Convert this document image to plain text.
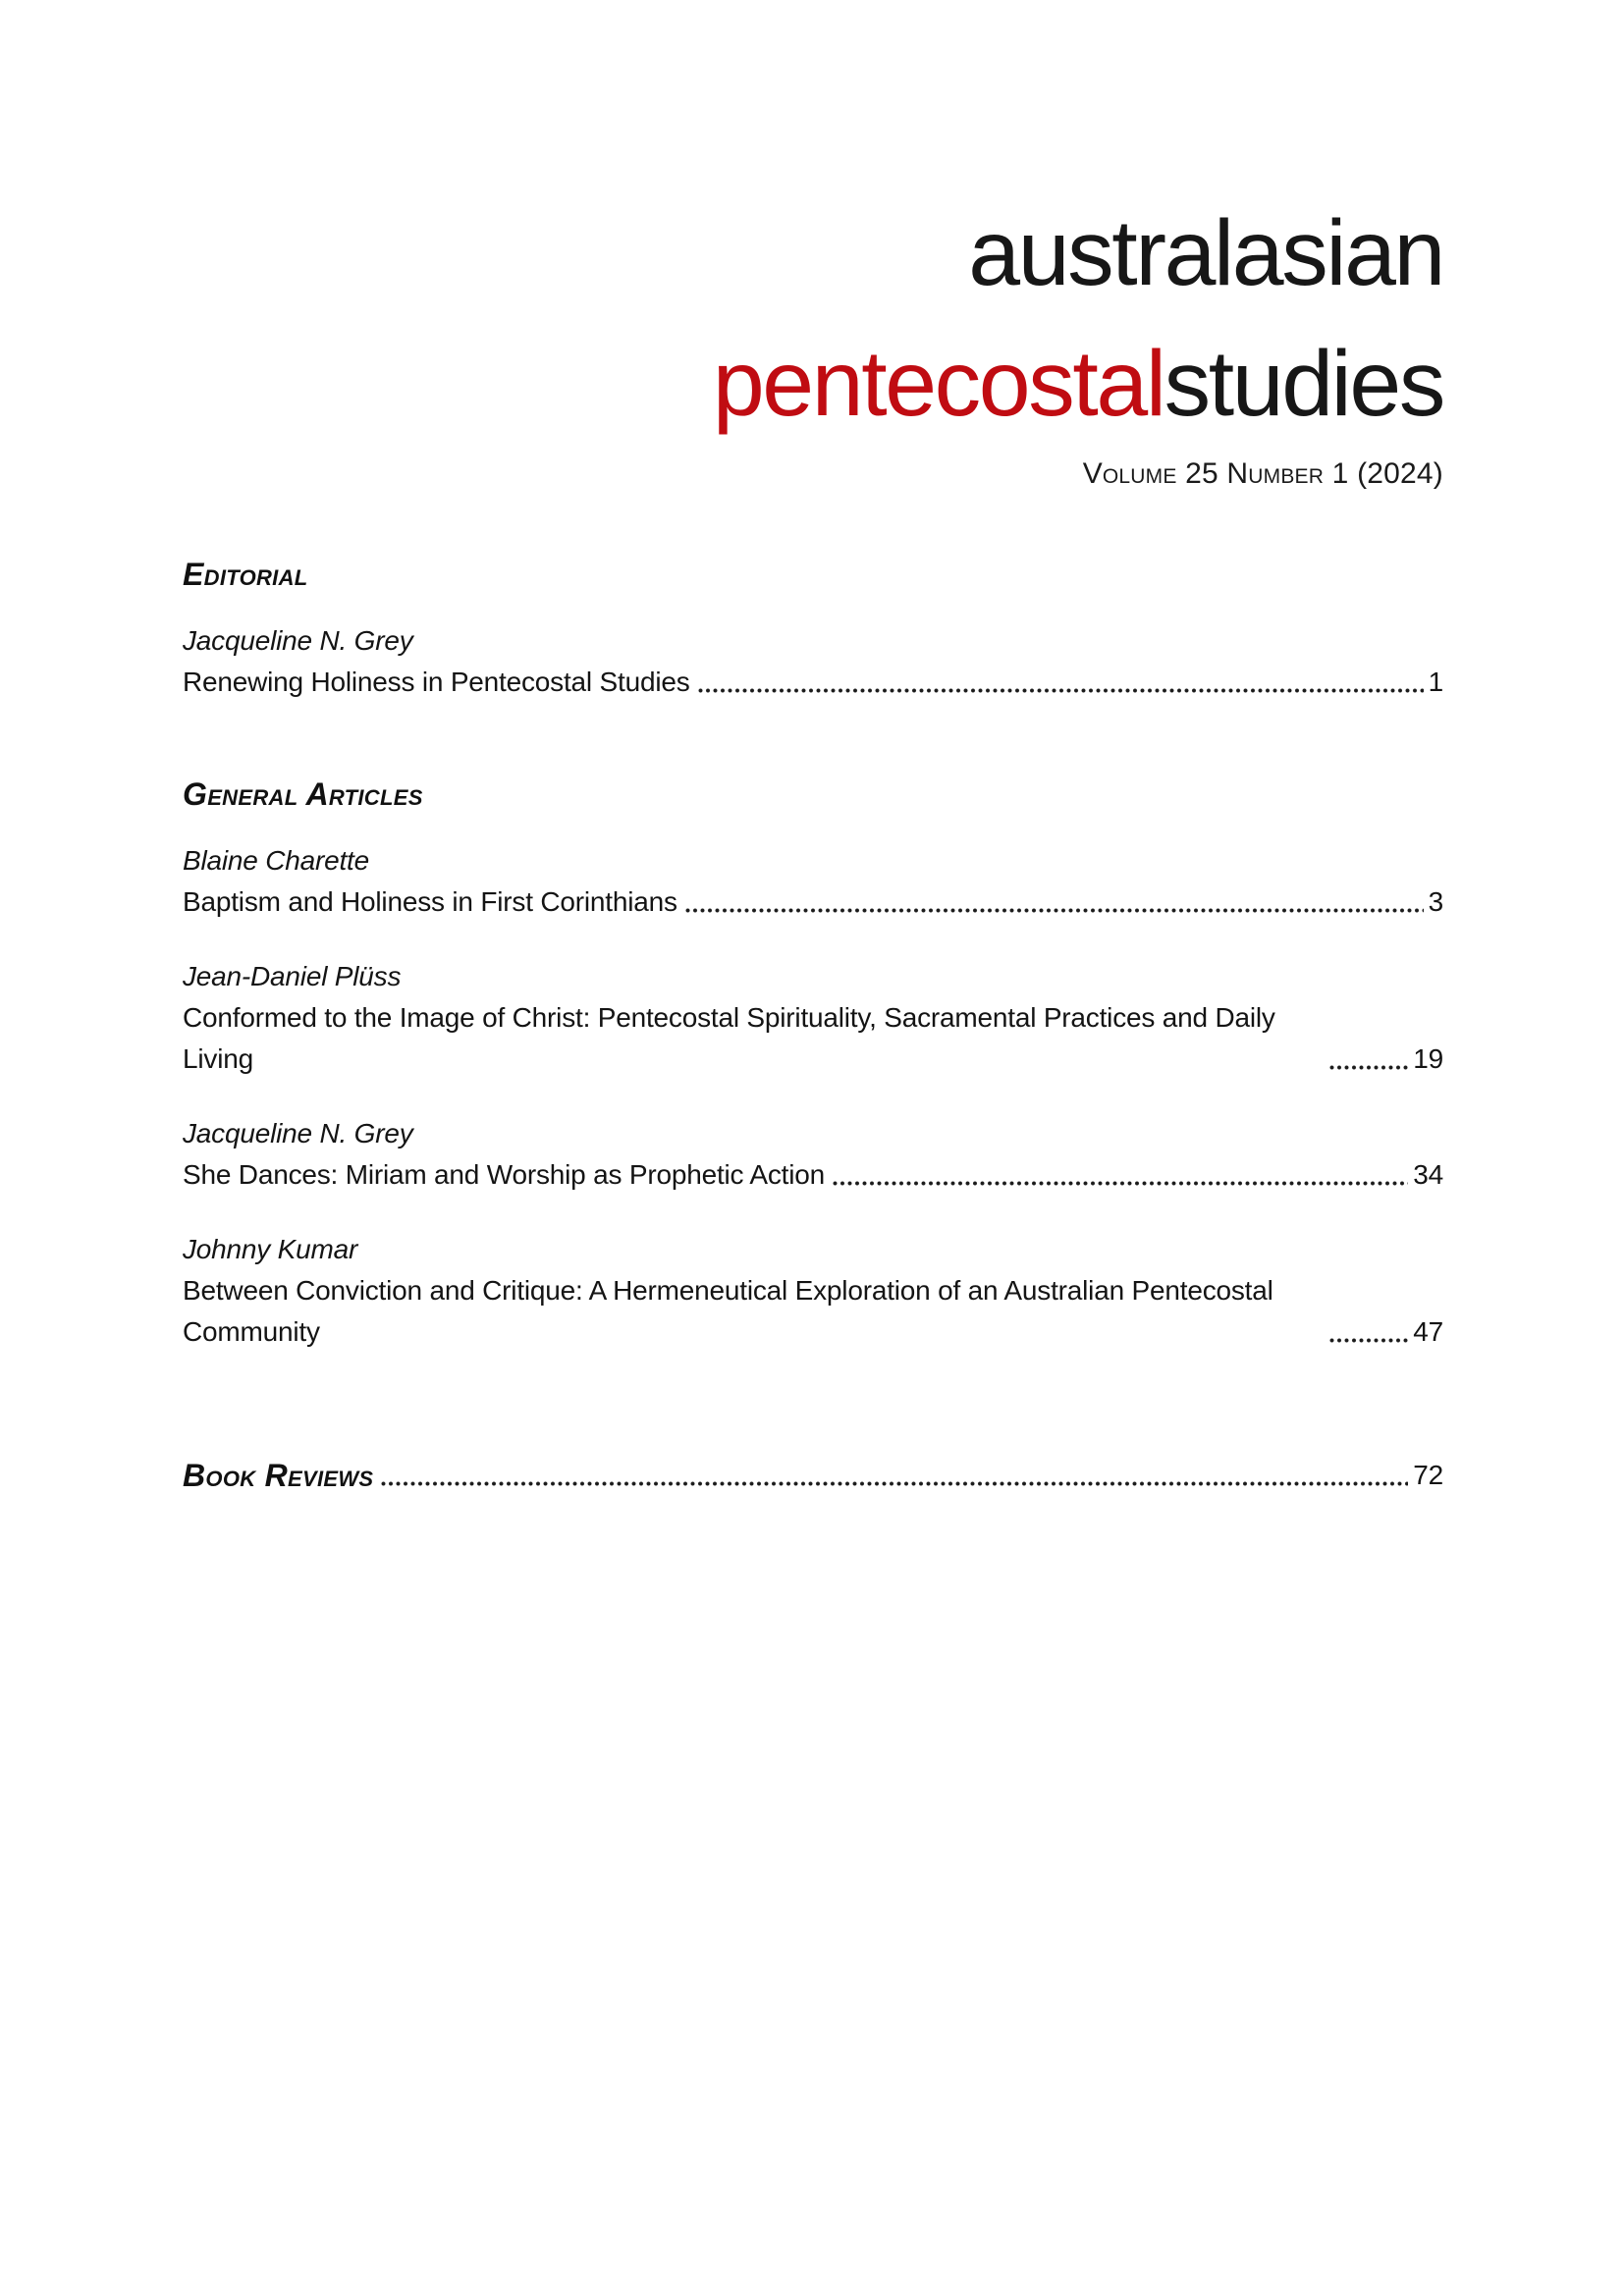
australasian
pentecostalstudies
Volume 25 Number 1 (2024)
Editorial
Jacqueline N. Grey
Renewing Holiness in Pentecostal Studies	1
General Articles
Blaine Charette
Baptism and Holiness in First Corinthians	3
Jean-Daniel Plüss
Conformed to the Image of Christ: Pentecostal Spirituality, Sacramental Practices and Daily Living	19
Jacqueline N. Grey
She Dances: Miriam and Worship as Prophetic Action	34
Johnny Kumar
Between Conviction and Critique: A Hermeneutical Exploration of an Australian Pentecostal Community	47
Book Reviews	72
